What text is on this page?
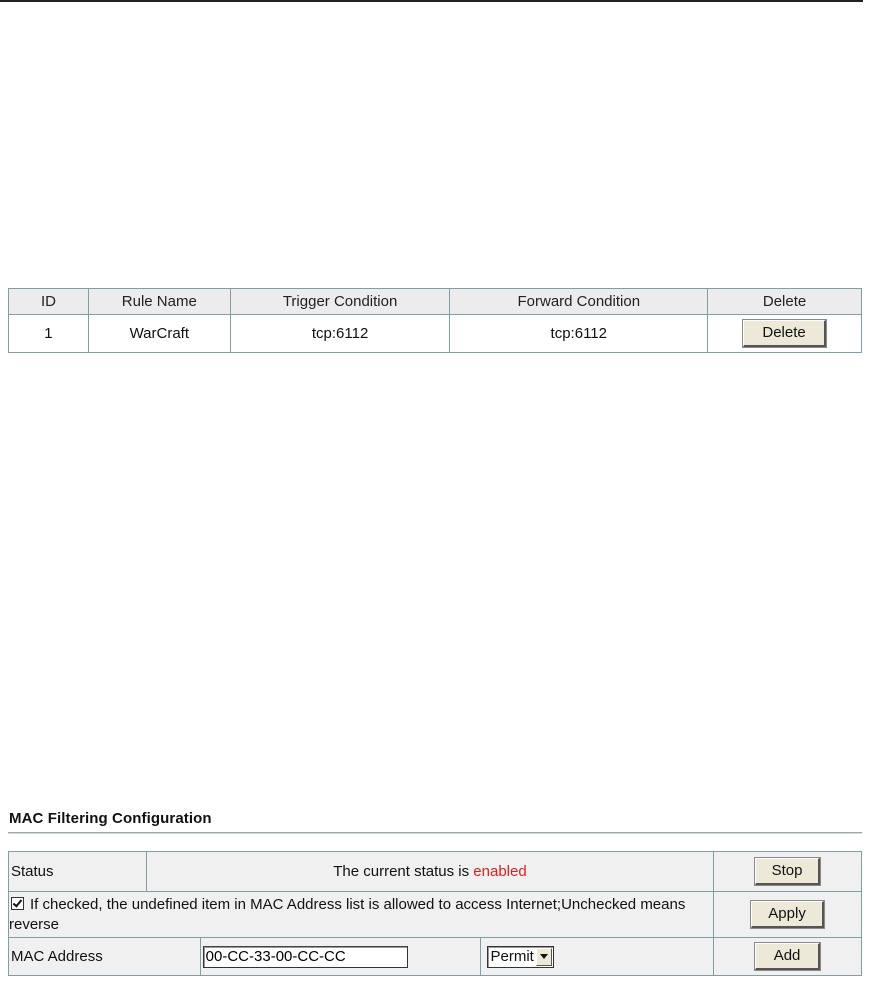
ID	Rule Name	Trigger Condition	Forward Condition	Delete
1	WarCraft	tcp:6112	tcp:6112	Delete
MAC Filtering Configuration
Status	The current status is enabled			Stop
If checked, the undefined item in MAC Address list is allowed to access Internet;Unchecked means reverse				Apply
MAC Address	00-CC-33-00-CC-CC		Permit	Add
